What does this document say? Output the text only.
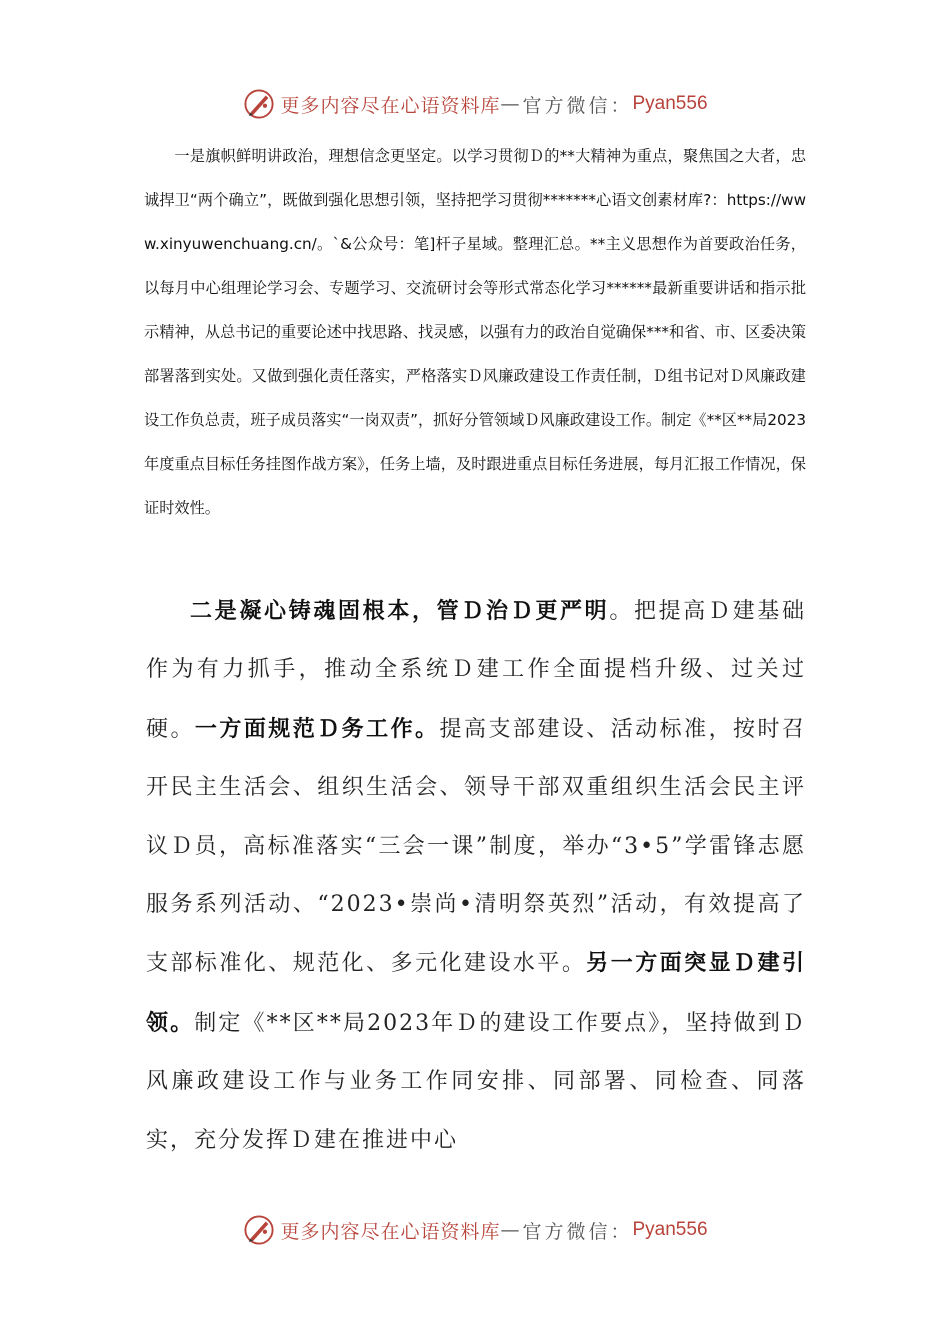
更多内容尽在心语资料库 — 官方微信： Pyan556

一是旗帜鲜明讲政治，理想信念更坚定。以学习贯彻Ｄ的**大精神为重点，聚焦国之大者，忠诚捍卫“两个确立”，既做到强化思想引领，坚持把学习贯彻*******心语文创素材库?：https://www.xinyuwenchuang.cn/。`&公众号：笔]杆子星域。整理汇总。**主义思想作为首要政治任务，以每月中心组理论学习会、专题学习、交流研讨会等形式常态化学习******最新重要讲话和指示批示精神，从总书记的重要论述中找思路、找灵感，以强有力的政治自觉确保***和省、市、区委决策部署落到实处。又做到强化责任落实，严格落实Ｄ风廉政建设工作责任制，Ｄ组书记对Ｄ风廉政建设工作负总责，班子成员落实“一岗双责”，抓好分管领域Ｄ风廉政建设工作。制定《**区**局2023年度重点目标任务挂图作战方案》，任务上墙，及时跟进重点目标任务进展，每月汇报工作情况，保证时效性。

二是凝心铸魂固根本，管Ｄ治Ｄ更严明。把提高Ｄ建基础作为有力抓手，推动全系统Ｄ建工作全面提档升级、过关过硬。一方面规范Ｄ务工作。提高支部建设、活动标准，按时召开民主生活会、组织生活会、领导干部双重组织生活会民主评议Ｄ员，高标准落实“三会一课”制度，举办“3•5”学雷锋志愿服务系列活动、“2023•崇尚•清明祭英烈”活动，有效提高了支部标准化、规范化、多元化建设水平。另一方面突显Ｄ建引领。制定《**区**局2023年Ｄ的建设工作要点》，坚持做到Ｄ风廉政建设工作与业务工作同安排、同部署、同检查、同落实，充分发挥Ｄ建在推进中心

更多内容尽在心语资料库 — 官方微信： Pyan556
